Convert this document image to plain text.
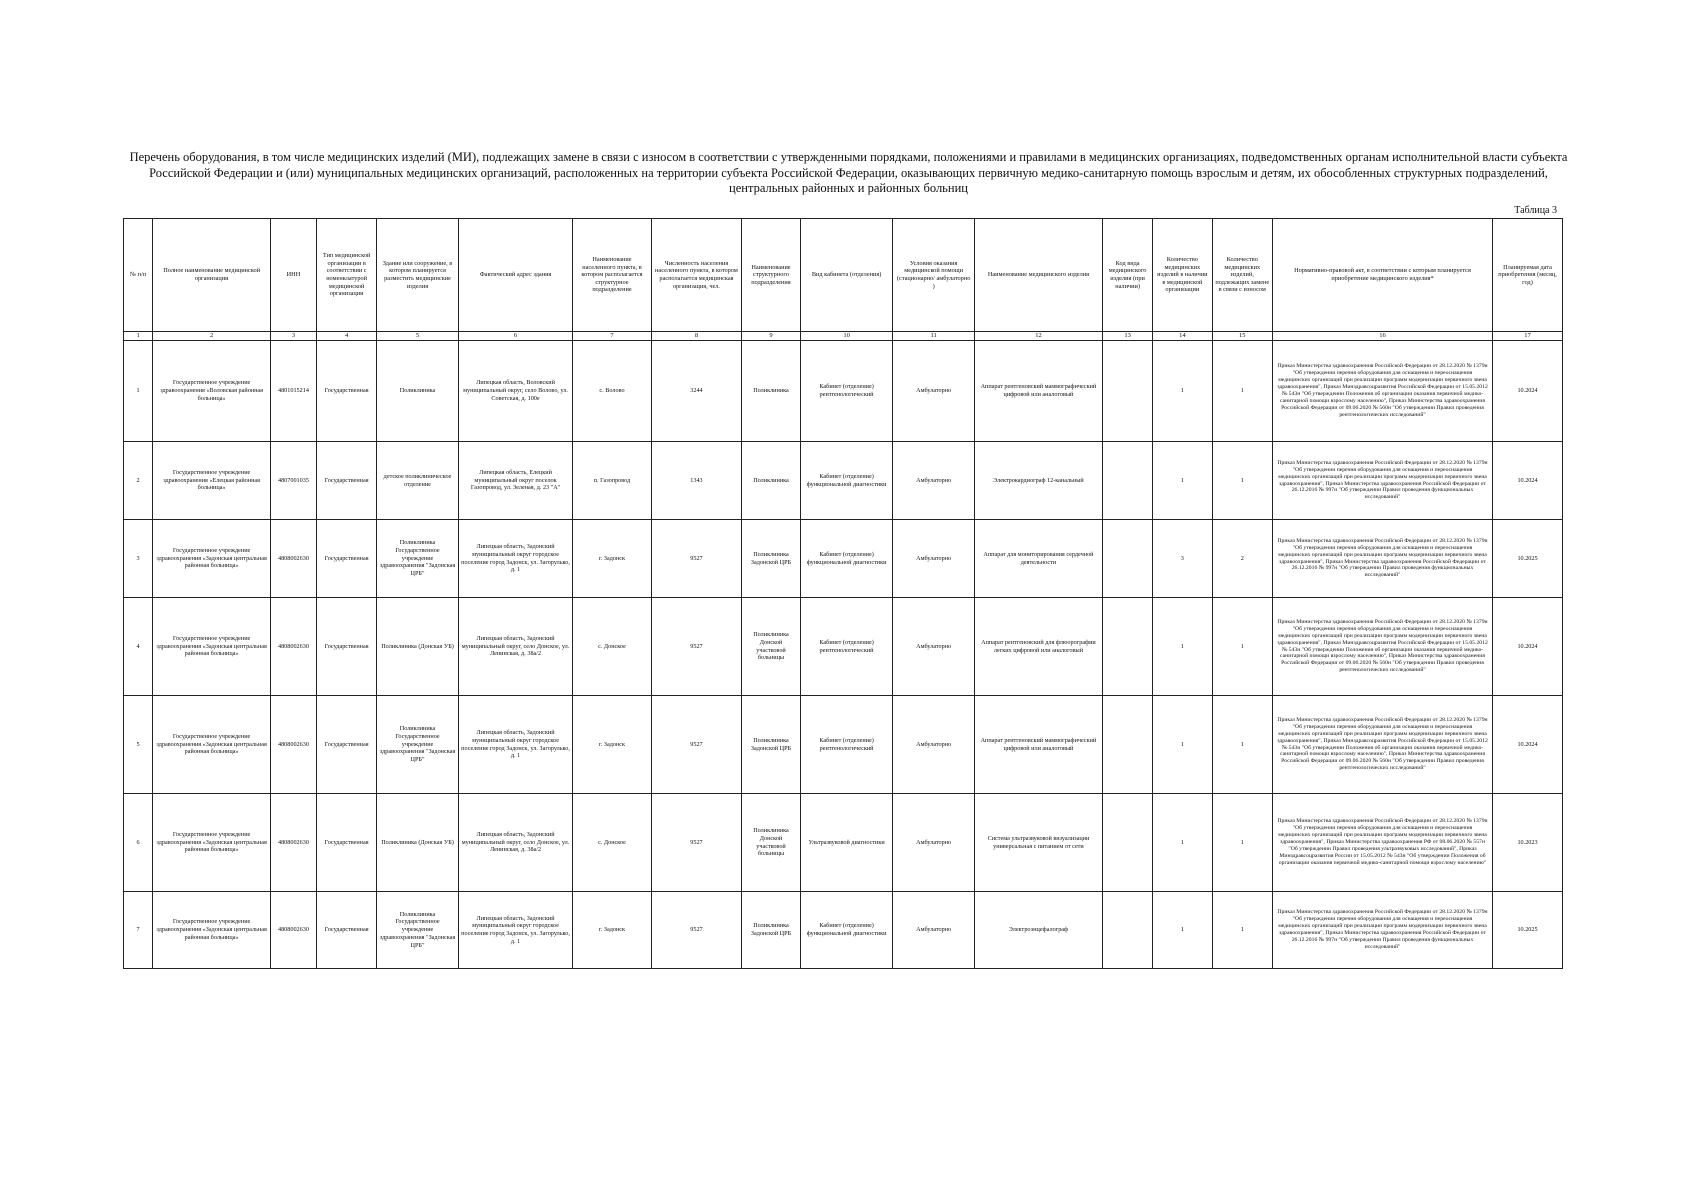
Перечень оборудования, в том числе медицинских изделий (МИ), подлежащих замене в связи с износом в соответствии с утвержденными порядками, положениями и правилами в медицинских организациях, подведомственных органам исполнительной власти субъекта Российской Федерации и (или) муниципальных медицинских организаций, расположенных на территории субъекта Российской Федерации, оказывающих первичную медико-санитарную помощь взрослым и детям, их обособленных структурных подразделений, центральных районных и районных больниц
Таблица 3
№ п/п	Полное наименование медицинской организации	ИНН	Тип медицинской организации в соответствии с номенклатурой медицинской организации	Здание или сооружение, в котором планируется разместить медицинские изделия	Фактический адрес здания	Наименование населенного пункта, в котором располагается структурное подразделение	Численность населения населенного пункта, в котором располагается медицинская организация, чел.	Наименование структурного подразделения	Вид кабинета (отделения)	Условия оказания медицинской помощи (стационарно/ амбулаторно )	Наименование медицинского изделия	Код вида медицинского изделия (при наличии)	Количество медицинских изделий в наличии в медицинской организации	Количество медицинских изделий, подлежащих замене в связи с износом	Нормативно-правовой акт, в соответствии с которым планируется приобретение медицинского изделия*	Планируемая дата приобретения (месяц, год)
1	2	3	4	5	6	7	8	9	10	11	12	13	14	15	16	17
1	Государственное учреждение здравоохранения «Воловская районная больница»	4801015214	Государственная	Поликлиника	Липецкая область, Воловский муниципальный округ, село Волово, ул. Советская, д. 100е	с. Волово	3244	Поликлиника	Кабинет (отделение) рентгенологический	Амбулаторно	Аппарат рентгеновский маммографический цифровой или аналоговый		1	1	Приказ Министерства здравоохранения Российской Федерации от 28.12.2020 № 1379н "Об утверждении перечня оборудования для оснащения и переоснащения медицинских организаций при реализации программ модернизации первичного звена здравоохранения", Приказ Минздравсоцразвития Российской Федерации от 15.05.2012 № 543н "Об утверждении Положения об организации оказания первичной медико-санитарной помощи взрослому населению", Приказ Министерства здравоохранения Российской Федерации от 09.06.2020 № 560н "Об утверждении Правил проведения рентгенологических исследований"	10.2024
2	Государственное учреждение здравоохранения «Елецкая районная больница»	4807001035	Государственная	детское поликлиническое отделение	Липецкая область, Елецкий муниципальный округ поселок Газопровод, ул. Зеленая, д. 23 "А"	п. Газопровод	1343	Поликлиника	Кабинет (отделение) функциональной диагностики	Амбулаторно	Электрокардиограф 12-канальный		1	1	Приказ Министерства здравоохранения Российской Федерации от 28.12.2020 № 1379н "Об утверждении перечня оборудования для оснащения и переоснащения медицинских организаций при реализации программ модернизации первичного звена здравоохранения", Приказ Министерства здравоохранения Российской Федерации от 26.12.2016 № 997н "Об утверждении Правил проведения функциональных исследований"	10.2024
3	Государственное учреждение здравоохранения «Задонская центральная районная больница»	4808002630	Государственная	Поликлиника Государственное учреждение здравоохранения "Задонская ЦРБ"	Липецкая область, Задонский муниципальный округ городское поселение город Задонск, ул. Загорулько, д. 1	г. Задонск	9527	Поликлиника Задонской ЦРБ	Кабинет (отделение) функциональной диагностики	Амбулаторно	Аппарат для мониторирования сердечной деятельности		3	2	Приказ Министерства здравоохранения Российской Федерации от 28.12.2020 № 1379н "Об утверждении перечня оборудования для оснащения и переоснащения медицинских организаций при реализации программ модернизации первичного звена здравоохранения", Приказ Министерства здравоохранения Российской Федерации от 26.12.2016 № 997н "Об утверждении Правил проведения функциональных исследований"	10.2025
4	Государственное учреждение здравоохранения «Задонская центральная районная больница»	4808002630	Государственная	Поликлиника (Донская УБ)	Липецкая область, Задонский муниципальный округ, село Донское, ул. Ленинская, д. 38а/2	с. Донское	9527	Поликлиника Донской участковой больницы	Кабинет (отделение) рентгенологический	Амбулаторно	Аппарат рентгеновский для флюорографии легких цифровой или аналоговый		1	1	Приказ Министерства здравоохранения Российской Федерации от 28.12.2020 № 1379н "Об утверждении перечня оборудования для оснащения и переоснащения медицинских организаций при реализации программ модернизации первичного звена здравоохранения", Приказ Минздравсоцразвития Российской Федерации от 15.05.2012 № 543н "Об утверждении Положения об организации оказания первичной медико-санитарной помощи взрослому населению", Приказ Министерства здравоохранения Российской Федерации от 09.06.2020 № 560н "Об утверждении Правил проведения рентгенологических исследований"	10.2024
5	Государственное учреждение здравоохранения «Задонская центральная районная больница»	4808002630	Государственная	Поликлиника Государственное учреждение здравоохранения "Задонская ЦРБ"	Липецкая область, Задонский муниципальный округ городское поселение город Задонск, ул. Загорулько, д. 1	г. Задонск	9527	Поликлиника Задонской ЦРБ	Кабинет (отделение) рентгенологический	Амбулаторно	Аппарат рентгеновский маммографический цифровой или аналоговый		1	1	Приказ Министерства здравоохранения Российской Федерации от 28.12.2020 № 1379н "Об утверждении перечня оборудования для оснащения и переоснащения медицинских организаций при реализации программ модернизации первичного звена здравоохранения", Приказ Минздравсоцразвития Российской Федерации от 15.05.2012 № 543н "Об утверждении Положения об организации оказания первичной медико-санитарной помощи взрослому населению", Приказ Министерства здравоохранения Российской Федерации от 09.06.2020 № 560н "Об утверждении Правил проведения рентгенологических исследований"	10.2024
6	Государственное учреждение здравоохранения «Задонская центральная районная больница»	4808002630	Государственная	Поликлиника (Донская УБ)	Липецкая область, Задонский муниципальный округ, село Донское, ул. Ленинская, д. 38а/2	с. Донское	9527	Поликлиника Донской участковой больницы	Ультразвуковой диагностики	Амбулаторно	Система ультразвуковой визуализации универсальная с питанием от сети		1	1	Приказ Министерства здравоохранения Российской Федерации от 28.12.2020 № 1379н "Об утверждении перечня оборудования для оснащения и переоснащения медицинских организаций при реализации программ модернизации первичного звена здравоохранения", Приказ Министерства здравоохранения РФ от 08.06.2020 № 557н "Об утверждении Правил проведения ультразвуковых исследований", Приказ Минздравсоцразвития России от 15.05.2012 № 543н "Об утверждении Положения об организации оказания первичной медико-санитарной помощи взрослому населению"	10.2023
7	Государственное учреждение здравоохранения «Задонская центральная районная больница»	4808002630	Государственная	Поликлиника Государственное учреждение здравоохранения "Задонская ЦРБ"	Липецкая область, Задонский муниципальный округ городское поселение город Задонск, ул. Загорулько, д. 1	г. Задонск	9527	Поликлиника Задонской ЦРБ	Кабинет (отделение) функциональной диагностики	Амбулаторно	Электроэнцефалограф		1	1	Приказ Министерства здравоохранения Российской Федерации от 28.12.2020 № 1379н "Об утверждении перечня оборудования для оснащения и переоснащения медицинских организаций при реализации программ модернизации первичного звена здравоохранения", Приказ Министерства здравоохранения Российской Федерации от 26.12.2016 № 997н "Об утверждении Правил проведения функциональных исследований"	10.2025
